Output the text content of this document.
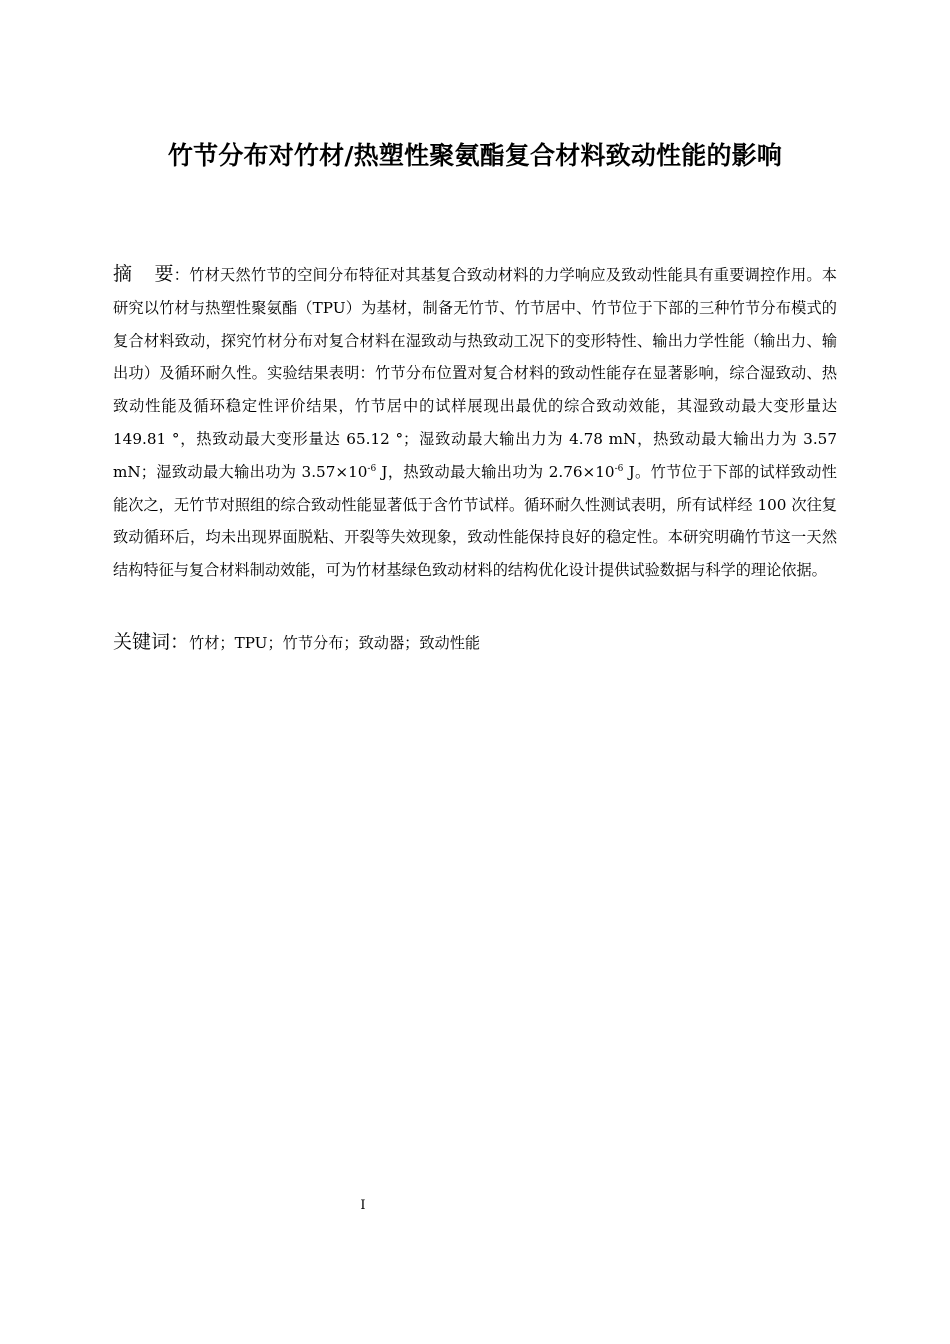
竹节分布对竹材/热塑性聚氨酯复合材料致动性能的影响

摘 要：竹材天然竹节的空间分布特征对其基复合致动材料的力学响应及致动性能具有重要调控作用。本研究以竹材与热塑性聚氨酯（TPU）为基材，制备无竹节、竹节居中、竹节位于下部的三种竹节分布模式的复合材料致动，探究竹材分布对复合材料在湿致动与热致动工况下的变形特性、输出力学性能（输出力、输出功）及循环耐久性。实验结果表明：竹节分布位置对复合材料的致动性能存在显著影响，综合湿致动、热致动性能及循环稳定性评价结果，竹节居中的试样展现出最优的综合致动效能，其湿致动最大变形量达 149.81 °，热致动最大变形量达 65.12 °；湿致动最大输出力为 4.78 mN，热致动最大输出力为 3.57 mN；湿致动最大输出功为 $3.57\times 10^{-6}$ J，热致动最大输出功为 $2.76\times 10^{-6}$ J。竹节位于下部的试样致动性能次之，无竹节对照组的综合致动性能显著低于含竹节试样。循环耐久性测试表明，所有试样经 100 次往复致动循环后，均未出现界面脱粘、开裂等失效现象，致动性能保持良好的稳定性。本研究明确竹节这一天然结构特征与复合材料制动效能，可为竹材基绿色致动材料的结构优化设计提供试验数据与科学的理论依据。

关键词：竹材；TPU；竹节分布；致动器；致动性能
I
